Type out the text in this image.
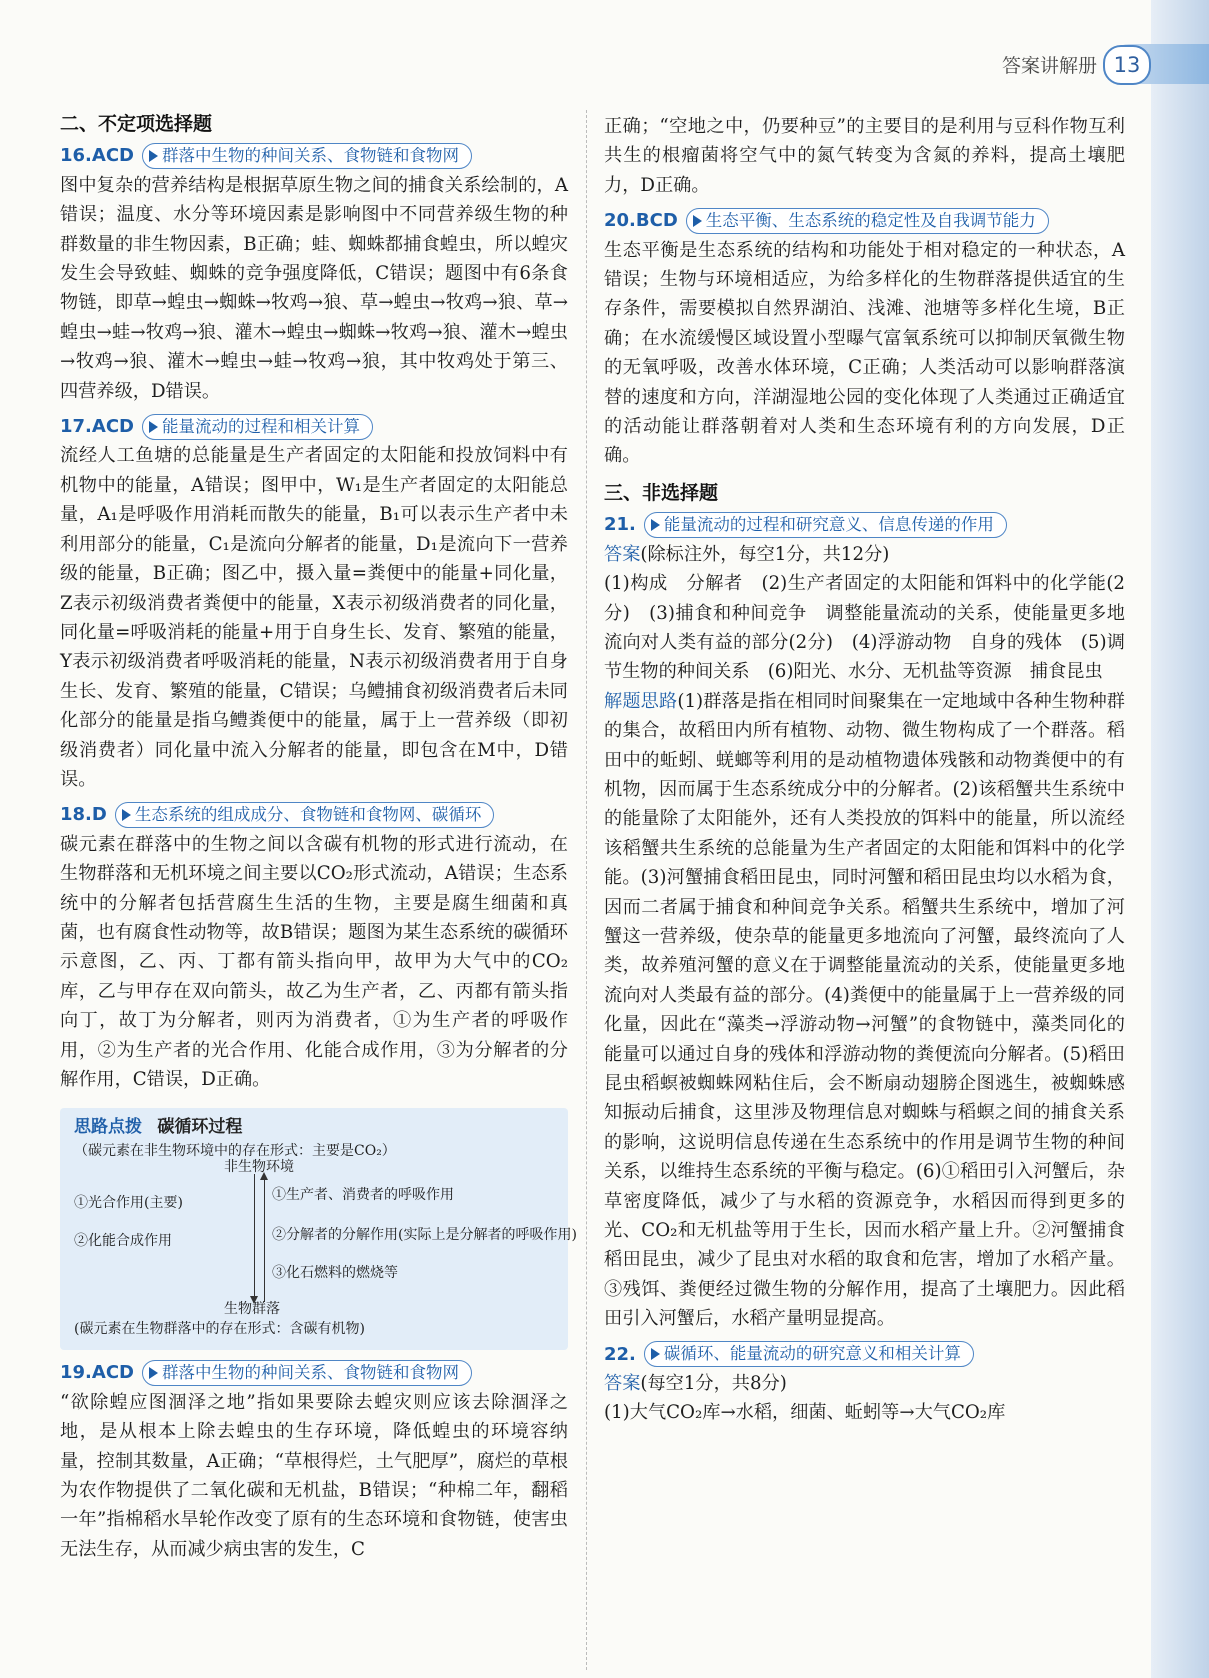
答案讲解册 13
二、不定项选择题
16.ACD 群落中生物的种间关系、食物链和食物网

图中复杂的营养结构是根据草原生物之间的捕食关系绘制的，A错误；温度、水分等环境因素是影响图中不同营养级生物的种群数量的非生物因素，B正确；蛙、蜘蛛都捕食蝗虫，所以蝗灾发生会导致蛙、蜘蛛的竞争强度降低，C错误；题图中有6条食物链，即草→蝗虫→蜘蛛→牧鸡→狼、草→蝗虫→牧鸡→狼、草→蝗虫→蛙→牧鸡→狼、灌木→蝗虫→蜘蛛→牧鸡→狼、灌木→蝗虫→牧鸡→狼、灌木→蝗虫→蛙→牧鸡→狼，其中牧鸡处于第三、四营养级，D错误。

17.ACD 能量流动的过程和相关计算

流经人工鱼塘的总能量是生产者固定的太阳能和投放饲料中有机物中的能量，A错误；图甲中，W₁是生产者固定的太阳能总量，A₁是呼吸作用消耗而散失的能量，B₁可以表示生产者中未利用部分的能量，C₁是流向分解者的能量，D₁是流向下一营养级的能量，B正确；图乙中，摄入量=粪便中的能量+同化量，Z表示初级消费者粪便中的能量，X表示初级消费者的同化量，同化量=呼吸消耗的能量+用于自身生长、发育、繁殖的能量，Y表示初级消费者呼吸消耗的能量，N表示初级消费者用于自身生长、发育、繁殖的能量，C错误；乌鳢捕食初级消费者后未同化部分的能量是指乌鳢粪便中的能量，属于上一营养级（即初级消费者）同化量中流入分解者的能量，即包含在M中，D错误。

18.D 生态系统的组成成分、食物链和食物网、碳循环

碳元素在群落中的生物之间以含碳有机物的形式进行流动，在生物群落和无机环境之间主要以CO₂形式流动，A错误；生态系统中的分解者包括营腐生生活的生物，主要是腐生细菌和真菌，也有腐食性动物等，故B错误；题图为某生态系统的碳循环示意图，乙、丙、丁都有箭头指向甲，故甲为大气中的CO₂库，乙与甲存在双向箭头，故乙为生产者，乙、丙都有箭头指向丁，故丁为分解者，则丙为消费者，①为生产者的呼吸作用，②为生产者的光合作用、化能合成作用，③为分解者的分解作用，C错误，D正确。

思路点拨 碳循环过程
（碳元素在非生物环境中的存在形式：主要是CO₂）
非生物环境
①光合作用(主要)
②化能合成作用
①生产者、消费者的呼吸作用
②分解者的分解作用(实际上是分解者的呼吸作用)
③化石燃料的燃烧等
生物群落
(碳元素在生物群落中的存在形式：含碳有机物)
19.ACD 群落中生物的种间关系、食物链和食物网

“欲除蝗应图涸泽之地”指如果要除去蝗灾则应该去除涸泽之地，是从根本上除去蝗虫的生存环境，降低蝗虫的环境容纳量，控制其数量，A正确；“草根得烂，土气肥厚”，腐烂的草根为农作物提供了二氧化碳和无机盐，B错误；“种棉二年，翻稻一年”指棉稻水旱轮作改变了原有的生态环境和食物链，使害虫无法生存，从而减少病虫害的发生，C

正确；“空地之中，仍要种豆”的主要目的是利用与豆科作物互利共生的根瘤菌将空气中的氮气转变为含氮的养料，提高土壤肥力，D正确。

20.BCD 生态平衡、生态系统的稳定性及自我调节能力

生态平衡是生态系统的结构和功能处于相对稳定的一种状态，A错误；生物与环境相适应，为给多样化的生物群落提供适宜的生存条件，需要模拟自然界湖泊、浅滩、池塘等多样化生境，B正确；在水流缓慢区域设置小型曝气富氧系统可以抑制厌氧微生物的无氧呼吸，改善水体环境，C正确；人类活动可以影响群落演替的速度和方向，洋湖湿地公园的变化体现了人类通过正确适宜的活动能让群落朝着对人类和生态环境有利的方向发展，D正确。

三、非选择题
21. 能量流动的过程和研究意义、信息传递的作用

答案(除标注外，每空1分，共12分)

(1)构成　分解者　(2)生产者固定的太阳能和饵料中的化学能(2分)　(3)捕食和种间竞争　调整能量流动的关系，使能量更多地流向对人类有益的部分(2分)　(4)浮游动物　自身的残体　(5)调节生物的种间关系　(6)阳光、水分、无机盐等资源　捕食昆虫

解题思路(1)群落是指在相同时间聚集在一定地域中各种生物种群的集合，故稻田内所有植物、动物、微生物构成了一个群落。稻田中的蚯蚓、蜣螂等利用的是动植物遗体残骸和动物粪便中的有机物，因而属于生态系统成分中的分解者。(2)该稻蟹共生系统中的能量除了太阳能外，还有人类投放的饵料中的能量，所以流经该稻蟹共生系统的总能量为生产者固定的太阳能和饵料中的化学能。(3)河蟹捕食稻田昆虫，同时河蟹和稻田昆虫均以水稻为食，因而二者属于捕食和种间竞争关系。稻蟹共生系统中，增加了河蟹这一营养级，使杂草的能量更多地流向了河蟹，最终流向了人类，故养殖河蟹的意义在于调整能量流动的关系，使能量更多地流向对人类最有益的部分。(4)粪便中的能量属于上一营养级的同化量，因此在“藻类→浮游动物→河蟹”的食物链中，藻类同化的能量可以通过自身的残体和浮游动物的粪便流向分解者。(5)稻田昆虫稻螟被蜘蛛网粘住后，会不断扇动翅膀企图逃生，被蜘蛛感知振动后捕食，这里涉及物理信息对蜘蛛与稻螟之间的捕食关系的影响，这说明信息传递在生态系统中的作用是调节生物的种间关系，以维持生态系统的平衡与稳定。(6)①稻田引入河蟹后，杂草密度降低，减少了与水稻的资源竞争，水稻因而得到更多的光、CO₂和无机盐等用于生长，因而水稻产量上升。②河蟹捕食稻田昆虫，减少了昆虫对水稻的取食和危害，增加了水稻产量。③残饵、粪便经过微生物的分解作用，提高了土壤肥力。因此稻田引入河蟹后，水稻产量明显提高。

22. 碳循环、能量流动的研究意义和相关计算

答案(每空1分，共8分)

(1)大气CO₂库→水稻，细菌、蚯蚓等→大气CO₂库
